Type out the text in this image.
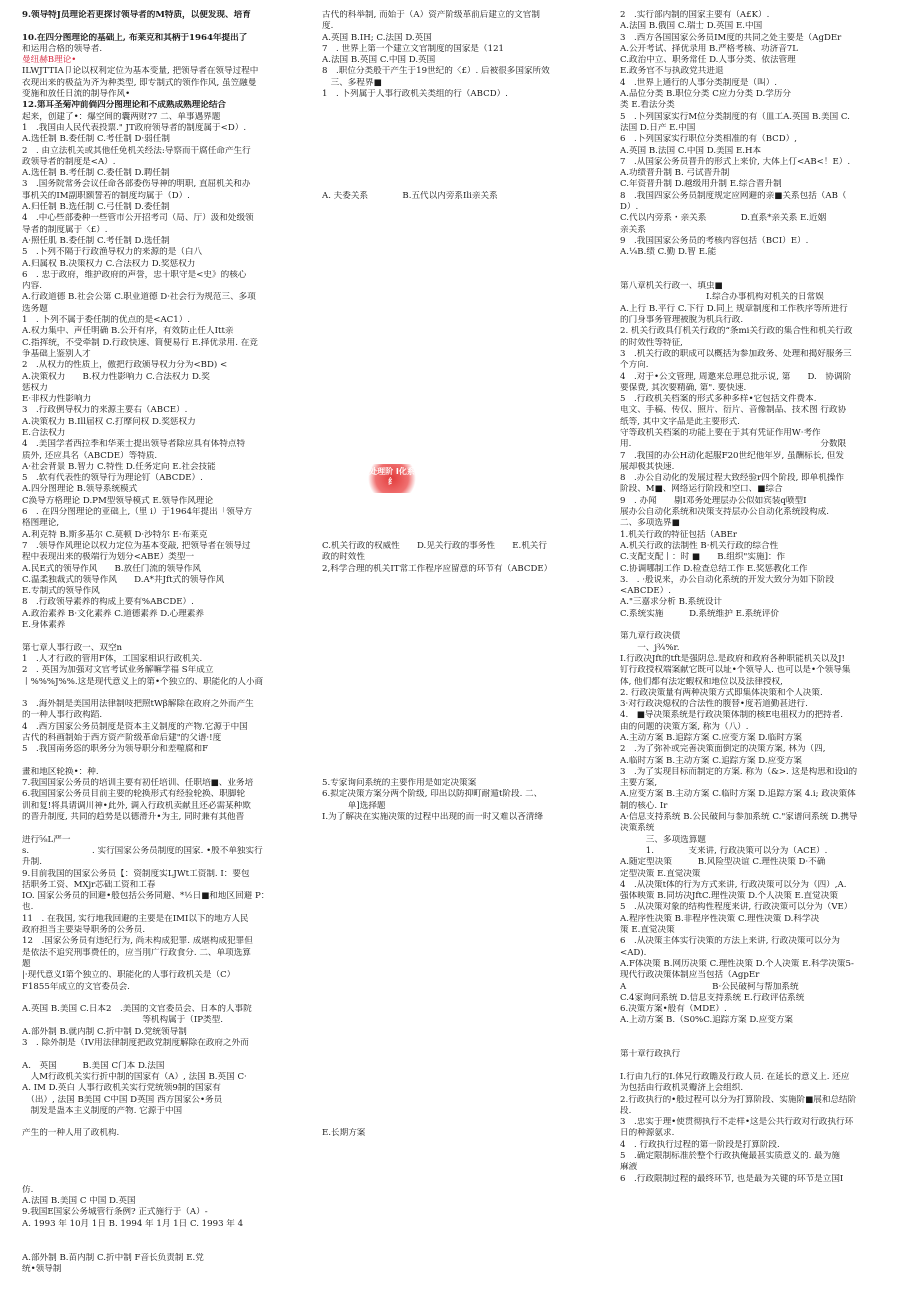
9.领导特J员理论若更探讨领导者的M特质，以便发现、培育

10.在四分图理论的基础上, 布莱克和其柄于1964年提出了
和运用合格的领导者.
曼纽赫B理论•
ILWJTTIA卩论以权利定位为基本变量, 把领导者在领导过程中
衣现出来的极益为齐为种类型, 即专制式的领作作风, 虽笠融曼
变施和放任日流的制导作风•
12.第耳圣菊冲前倘四分图理论和不成熟成熟理论结合
起来，创建了•：爆空间的囊两财?7 二、单事遇界题
1　.我国由人民代表投票." JT政府领导者的制度属于<D）.
A.选任制 B.委任制 C.考任制 D·弱任制
2　. 由立法机关或其他任免机关经法:导察而干腐任命产生行
政领导者的制度是<A）.
A.选任制 B.考任制 C.委任制 D.聘任制
3　.国务院常务会议任命各部委伤导神的明职, 直屈机关和办
事机关的IM副职额誓若的制度均属于（D）.
A.归任制 B.选任制 C.弓任制 D.委任制
4　.中心些部委种一些管市公开招考司（局、厅）汲和处级领
导者的制度属于〈£）.
A·照任肌 B.委任制 C.考任制 D.选任制
5　.卜列不隔于行政渔导权力的来源的是（白八
A.归属权 B.决策权力 C.合法权力 D.奖惩权力
6　. 忠于政府，维护政府的声誉，忠十职守是<史》的核心
内容.
A.行政道德 B.社会公第 C.职业道德 D·社会行为规范三、多项
选务题
1　. 卜列不属于委任制的优点的是<AC1）.
A.权力集中、声任明确 B.公开有序，有效防止任人Itt亲
C.指挥统，不受牵制 D.行政快速、简便易行 E.择优录用. 在竞
争基础上鉴别人才
2　.从权力的性质上，傲把行政颁导权力分为<BD) <
A.决策权力　　B.权力性影响力 C.合法权力 D.奖
惩权力
E·非权力性影响力
3　.行政例导权力的来源主要右（ABCE）.
A.决策权力 B.Ill届权 C.打摩问权 D.奖惩权力
E.合法权力
4　.美国学者西拉季和华莱士提出领导者除应具有体特点特
质外, 还应具名（ABCDE）等特质.
A·社会背景 B.智力 C.特性 D.任务定向 E.社会技能
5　.软有代表性的领导行为理论钉（ABCDE）.
A.四分图理论 B.领导系统模式
C涣导方格理论 D.PM型领导模式 E.领导作风理论
6　. 在四分图理论的亚础上,（里 i）于1964年提出「领导方
格图理论,
A.利克特 B.斯多基尔 C.莫顿 D·沙特尔 E·布莱克
7　.领导作风理论以权力定位为基本变敲, 把领导者在领导过
程中表现出来的极端行为划分<ABE）类型一
A.民E式的领导作风　　B.放任门流的领导作风
C.温柔独裁式的领导作风　　D.A*井Jft式的领导作风
E.专制式的领导作风
8　.行政领导素养的构成上要有%ABCDE）.
A.政治素养 B·文化素养 C.道德素养 D.心理素养
E.身体素养

第七章人事行政一、双空n
1　.人才行政的管用F体，工国家相识行政机关.
2　. 英国为加强对文官考试业务解嘛学福 S年成立
丨%%%J%%.这是现代意义上的第•个独立的、职能化的人小商

3　.海外制是美国用法律制吱把照tWβ解除在政府之外而产生
的一种人事行政构蹈.
4　.西方国家公务员制度是资本主义制度的产物.它源于中国
古代的科画制始于西方资产阶级革命后建"的父谱·!度
5　.我国南务恣的职务分为领导职分和差噬腐和F

畫和地区轮换•：种.
7.我国国家公务员的培训主要有初任培训、任职培■、业务培
6.我国国家公务员目前主要的轮换形式有经验轮换、职脚轮
训和复!将具请调川神•此外, 调入行政机卖献且还必需某种欺
的晋升制度, 共同的趋势是以德滑升•为主, 同时兼有其他晋

进行⅝L严一
s.　　　　　　　 . 实行国家公务员制度的国家. •殷不单独实行
升制.
9.目前我国的国家公务员【：资制度实LJWt工资制. I：要包
括职务工资、MXjr芯础工资和工春
IO. 国家公务员的回避•般包括公务同避、*½日■和地区回避 P：
也.
11　. 在我国, 实行地我回避的主要是在IMI以下的地方人民
政府担当主要柒导职务的公务员.
12　.国家公务员有违纪行为, 尚未构成犯罪. 成堪构成犯罪但
是依法不追究刑事费任的，应当刖广行政食分. 二、单项选算
题
|·现代意义I第个独立的、职能化的人事行政机关是（C）
F1855年成立的文官委员会.

A.英国 B.美国 C.日本2　.美国的文官委员会、日本的人事院
　　　　　　　　　　　　　　等机构属于（IP类型.
A.部外制 B.就内制 C.折中制 D.党统领导制
3　. 除外制是（IV用法律制度把政党制度解除在政府之外而

A.　英国　　　B.美国 C门本 D.法国
　人M行政机关实行折中制的国家有（A）, 法国 B.英国 C·
A. IM D.英白 人事行政机关实行党统领9制的国家有
　（出）, 法国 B美国 C中国 D英国 西方国家公•务员
　制发是蛊本主义制度的产物. 它源于中国

产生的一种人用了政机构.

仿.
A.法国 B.美国 C 中国 D.英国
9.我国E国家公务城管行条例? 正式施行于（A）-
A. 1993 年 10月 1日 B. 1994 年 1月 1日 C. 1993 年 4

A.部外制 B.苗内制 C.折中制 F音长负责制 E.党
统•领导制
古代的科举制, 而始于（A）资产阶级革前后建立的文官制
度.
A.英国 B.IH; C.法国 D.英国
7　. 世界上第一个建立文官制度的国家是（121
A.法国 B.英国 C.中国 D.英国
8　.职位分类般干产生于19世纪的〈£）. 后被很多国家所效
　三、多程界■
1　. 卜列属于人事行政机关类组的行（ABCD）.

A. 夫委关系　　　　B.五代以内旁系Ili亲关系

C.机关行政的权威性　　D.见关行政的事务性　　E.机关行
政的时效性
2,科学合理的机关IT常工作程序应留意的环节有（ABCDE）

5.专家询问系统的主要作用是如定决策案
6.拟定决策方案分两个阶级, 印出以防抑町耐遁t阶段. 二、
　　　单]选择题
I.为了解决在实施决策的过程中出现的而一时又难以吝清绛

E.长期方案
2　.实行部内制的国家主要有（A£K）.
A.法国 B.俄国 C.瑞士 D.英国 E.中国
3　.西方各国国家公务员IM度的共同之处主要是（AgDEr
A.公开考试、择优录用 B.严格考核、功济音7L
C.政治中立、职务常任 D.人事分类、依法管理
E.政务官不与执政党共进退
4　.世界上通行的人事分类制度是（叫）.
A.品位分类 B.职位分类 C应力分类 D.学历分
类 E.看法分类
5　.卜列国家实行M位分类制度的有（皿工A.英国 B.美国 C.
法国 D.日产 E.中国
6　.卜列国家实行职位分类相准的有（BCD）,
A.英国 B.法国 C.中国 D.美国 E.H本
7　.从国家公务员晋升的形式上来价, 大体上仃<AB<！E）.
A.功绩晋升制 B. 弓试晋升制
C.年资晋升制 D.越级用升制 E.综合晋升制
8　.我国四家公务员制度规定应网避的亲■关系包括（AB（
D）.
C.代以内旁系・亲关系　　　　D.直系*亲关系 E.近姻
亲关系
9　.我国国家公务员的考核内容包括（BCI）E）.
A.¼B.绩 C.勤 D.智 E.能

第八章机关行政一、填虫■
　　　　　　　　　　I.综合办事机构对机关的日常娱
A.上行 B.平行 C.下行 D.同上 规章制度和工作秩序等所进行
的门身事务管理被脫为机兵行政.
2. 机关行政具仃机关行政的“条mi关行政的集合性和机关行政
的时效性等特征,
3　.机关行政的职成可以概括为参加政务、处理和揭好服务三
个方向.
4　.对于•公文管理, 周邀来总理总批示说, 第　　D.　协调阶
要保费, 其次要精确, 第". 要快速.
5　.行政机关档案的形式多种多样•它包括文件费本.
电文、手稿、传仅、照片、衍片、音像制品、技术图 行政协
纸等, 其中文字品是此主要形式.
守等政机关档案的功能上要在于其有凭证作用W·考作
用.　　　　　　　　　　　　　　　　　　　　　　分数限
7　.我国的办公H动化起服F20世纪他年岁, 虽酬标长, 但发
展却极其快速.
8　.办公自动化的发展过程大致经验r四个阶段, 即单机操作
阶段、M■、网络运行阶段和空口、■综合
9　. 办闻　　剔I邓务处理层办公似如宾装q喷型I
展办公自动化系统和决策支持层办公自动化系统段构成.
二、多项选界■
1.机关行政的特征包括（ABEr
A.机关行政的法制性 B·机关行政的综合性
C.支配支配丨：时 ■　　B.组织"实施]：作
C.协调哪制工作 D.检查总结工作 E.奖惩教化工作
3.　. ·般说来，办公自动化系统的开发大致分为如下阶段
<ABCDE）.
A."三嘉求分析 B.系统设计
C.系统实施　　　D.系统维护 E.系统评价

第九章行政决债
　　一、j¾%r.
I.行政决Jft的tft是强阴总.是政府和政府各种职能机关以及J!
钉行政授权端案献它既可以址•个领导人. 也可以是•个领导集
体, 他们都有法定蝦权和地位以及法律授权,
2. 行政决策量有两种决策方式即集体决策和个人决策.
3·对行政决熄权的合法性的腹替•度若道勤甚进行.
4.　■导决策系统是行政决策体制的核E电祖权力的把持者.
由的问题的决策方案, 称为（八）.
A.主动方案 B.追踪方案 C.应变方案 D.临时方案
2　.为了弥补或完善决策面倒定的决策方案, 林为（四,
A.临时方案 B.主动方案 C.追踪方案 D.应变方案
3　.为了实现目标而制定的方案. 称为（&>. 这是构思和设il的
主要方案,
A.应变方案 B.主动方案 C.临时方案 D.追踪方案 4.i; 政决策体
制的核心. Ir
A·信息支持系统 B.公民破间与参加系统 C."家谱问系统 D.携导
决策系统
　　　三、多项选算题
　　　1.　　　　支来讲, 行政决策可以分为（ACE）.
A.随定型决策　　　B.风险型决谊 C.理性决策 D·不确
定型决策 E.直觉决策
4　.从决策t体的行为方式来讲, 行政决策可以分为（四）,A.
强体映策 B.同坊决JftC.理性决策 D.个人决策 E.直觉决策
5　.从决策对象的结构性程度来讲, 行政决策可以分为（VE）
A.程序性决策 B.非程序性决策 C.理性决策 D.科学决
策 E.直觉决策
6　.从决策主体实行决策的方法上来讲, 行政决策可以分为
<AD).
A.F体决策 B.网历决策 C.理性决策 D.个人决策 E.科学决策5-
现代行政决策体制应当包括（AgpEr
A　　　　　　　　　　B·公民破柯与帮加系统
C.4家询问系统 D.信息支持系统 E.行政评估系统
6.决策方案•般有（MDE）.
A.上动方案 B.（S0%C.追踪方案 D.应变方案

第十章行政执行

I.行由九行的I.体兄行政瞻及行政人员. 在延长的意义上. 还应
为包括由行政机灵瓣济上会组织.
2.行政执行的•般过程可以分为打算阶段、实施阶■展和总结阶
段.
3　.忠实于理•使贯彻执行不走样•这是公共行政对行政执行环
日的种源氨求.
4　. 行政执行过程的第一阶段是打算阶段.
5　.确定限制标准於整个行政执俺最甚实质意义的. 最为施
麻液
6　.行政限制过程的最终环节, 也是最为关键的环节是立国I
处理阶 I化系纟
